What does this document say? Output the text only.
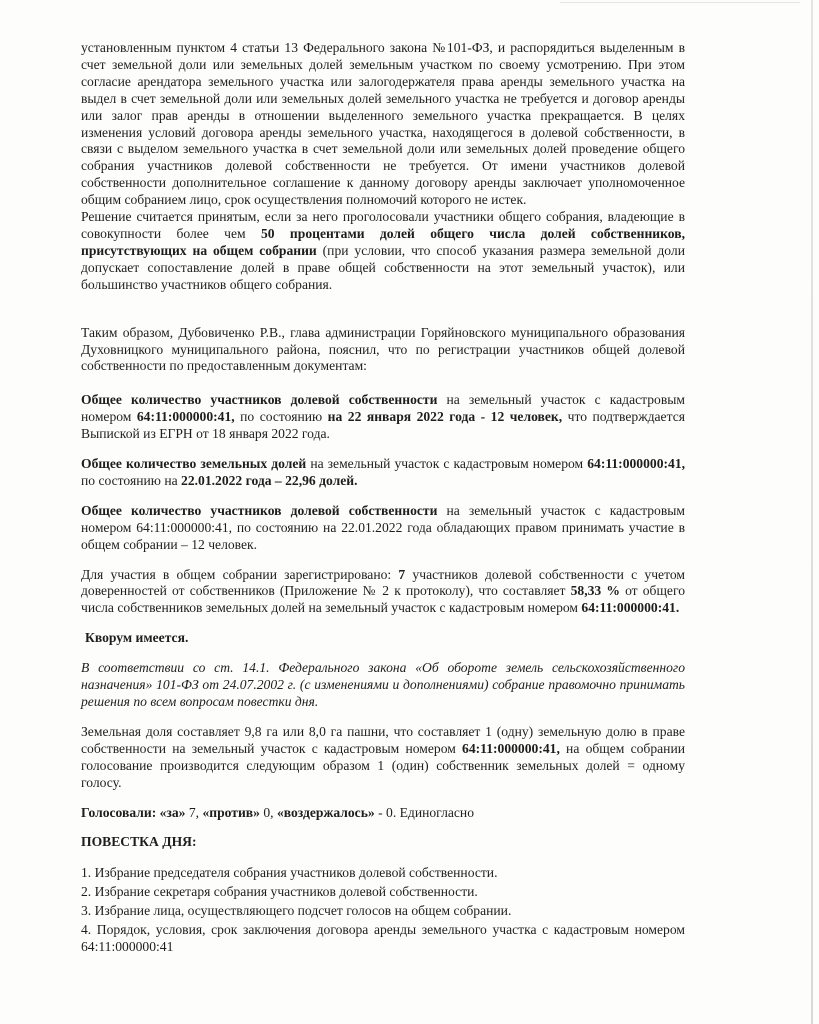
установленным пунктом 4 статьи 13 Федерального закона №101-ФЗ, и распорядиться выделенным в счет земельной доли или земельных долей земельным участком по своему усмотрению. При этом согласие арендатора земельного участка или залогодержателя права аренды земельного участка на выдел в счет земельной доли или земельных долей земельного участка не требуется и договор аренды или залог прав аренды в отношении выделенного земельного участка прекращается. В целях изменения условий договора аренды земельного участка, находящегося в долевой собственности, в связи с выделом земельного участка в счет земельной доли или земельных долей проведение общего собрания участников долевой собственности не требуется. От имени участников долевой собственности дополнительное соглашение к данному договору аренды заключает уполномоченное общим собранием лицо, срок осуществления полномочий которого не истек.

Решение считается принятым, если за него проголосовали участники общего собрания, владеющие в совокупности более чем 50 процентами долей общего числа долей собственников, присутствующих на общем собрании (при условии, что способ указания размера земельной доли допускает сопоставление долей в праве общей собственности на этот земельный участок), или большинство участников общего собрания.

Таким образом, Дубовиченко Р.В., глава администрации Горяйновского муниципального образования Духовницкого муниципального района, пояснил, что по регистрации участников общей долевой собственности по предоставленным документам:

Общее количество участников долевой собственности на земельный участок с кадастровым номером 64:11:000000:41, по состоянию на 22 января 2022 года - 12 человек, что подтверждается Выпиской из ЕГРН от 18 января 2022 года.

Общее количество земельных долей на земельный участок с кадастровым номером 64:11:000000:41, по состоянию на 22.01.2022 года – 22,96 долей.

Общее количество участников долевой собственности на земельный участок с кадастровым номером 64:11:000000:41, по состоянию на 22.01.2022 года обладающих правом принимать участие в общем собрании – 12 человек.

Для участия в общем собрании зарегистрировано: 7 участников долевой собственности с учетом доверенностей от собственников (Приложение № 2 к протоколу), что составляет 58,33 % от общего числа собственников земельных долей на земельный участок с кадастровым номером 64:11:000000:41.

Кворум имеется.

В соответствии со ст. 14.1. Федерального закона «Об обороте земель сельскохозяйственного назначения» 101-ФЗ от 24.07.2002 г. (с изменениями и дополнениями) собрание правомочно принимать решения по всем вопросам повестки дня.

Земельная доля составляет 9,8 га или 8,0 га пашни, что составляет 1 (одну) земельную долю в праве собственности на земельный участок с кадастровым номером 64:11:000000:41, на общем собрании голосование производится следующим образом 1 (один) собственник земельных долей = одному голосу.

Голосовали: «за» 7, «против» 0, «воздержалось» - 0. Единогласно

ПОВЕСТКА ДНЯ:

1. Избрание председателя собрания участников долевой собственности.

2. Избрание секретаря собрания участников долевой собственности.

3. Избрание лица, осуществляющего подсчет голосов на общем собрании.

4. Порядок, условия, срок заключения договора аренды земельного участка с кадастровым номером 64:11:000000:41
